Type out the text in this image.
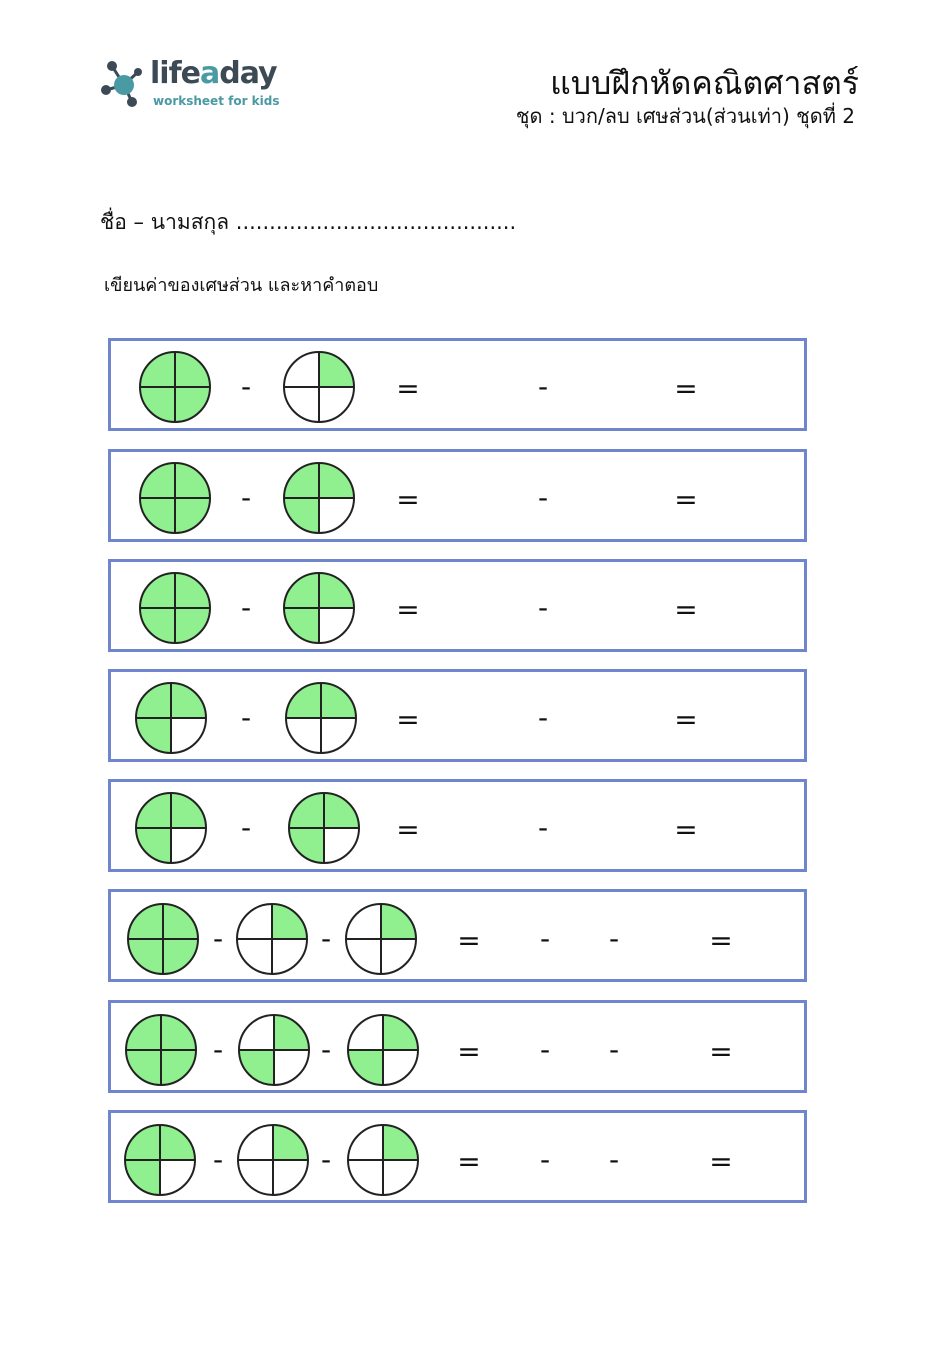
lifeaday
worksheet for kids	แบบฝึกหัดคณิตศาสตร์
ชุด : บวก/ลบ เศษส่วน(ส่วนเท่า) ชุดที่ 2
ชื่อ – นามสกุล ..........................................
เขียนค่าของเศษส่วน และหาคำตอบ
-	=	-	=
-	=	-	=
-	=	-	=
-	=	-	=
-	=	-	=
-	-	= - -	=
-	-	= - -	=
-	-	= - -	=
